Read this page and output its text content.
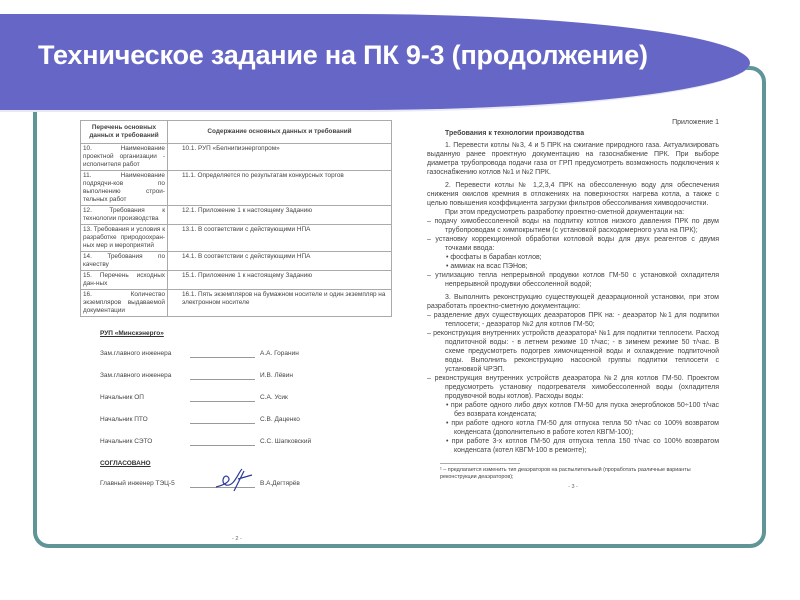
Техническое задание на ПК 9-3 (продолжение)
Перечень основных данных и требований	Содержание основных данных и требований
10. Наименование проектной организации - исполнителя работ	10.1. РУП «Белнипиэнергопром»
11. Наименование подрядчи-ков по выполнению строи-тельных работ	11.1. Определяется по результатам конкурсных торгов
12. Требования к технологии производства	12.1. Приложение 1 к настоящему Заданию
13. Требования и условия к разработке природоохран-ных мер и мероприятий	13.1. В соответствии с действующими НПА
14. Требования по качеству	14.1. В соответствии с действующими НПА
15. Перечень исходных дан-ных	15.1. Приложение 1 к настоящему Заданию
16. Количество экземпляров выдаваемой документации	16.1. Пять экземпляров на бумажном носителе и один экземпляр на электронном носителе
РУП «Минскэнерго»
Зам.главного инженера	А.А. Горанин
Зам.главного инженера	И.В. Лёвин
Начальник ОП	С.А. Усик
Начальник ПТО	С.В. Даценко
Начальник СЭТО	С.С. Шапковский
СОГЛАСОВАНО
Главный инженер ТЭЦ-5	В.А.Дегтярёв
- 2 -

Приложение 1

Требования к технологии производства

1. Перевести котлы №3, 4 и 5 ПРК на сжигание природного газа. Актуализировать выданную ранее проектную документацию на газоснабжение ПРК. При выборе диаметра трубопровода подачи газа от ГРП предусмотреть возможность подключения к газоснабжению котлов №1 и №2 ПРК.

2. Перевести котлы № 1,2,3,4 ПРК на обессоленную воду для обеспечения снижения окислов кремния в отложениях на поверхностях нагрева котла, а также с целью повышения коэффициента загрузки фильтров обессоливания химводоочистки.

При этом предусмотреть разработку проектно-сметной документации на:

– подачу химобессоленной воды на подпитку котлов низкого давления ПРК по двум трубопроводам с химпокрытием (с установкой расходомерного узла на ПРК);

– установку коррекционной обработки котловой воды для двух реагентов с двумя точками ввода:

• фосфаты в барабан котлов;

• аммиак на всас ПЭНов;

– утилизацию тепла непрерывной продувки котлов ГМ-50 с установкой охладителя непрерывной продувки обессоленной водой;

3. Выполнить реконструкцию существующей деаэрационной установки, при этом разработать проектно-сметную документацию:

– разделение двух существующих деаэраторов ПРК на: - деаэратор №1 для подпитки теплосети; - деаэратор №2 для котлов ГМ-50;

– реконструкция внутренних устройств деаэратора¹ №1 для подпитки теплосети. Расход подпиточной воды: - в летнем режиме 10 т/час; - в зимнем режиме 50 т/час. В схеме предусмотреть подогрев химочищенной воды и охлаждение подпиточной воды. Выполнить реконструкцию насосной группы подпитки теплосети с установкой ЧРЭП.

– реконструкция внутренних устройств деаэратора №2 для котлов ГМ-50. Проектом предусмотреть установку подогревателя химобессоленной воды (охладителя продувочной воды котлов). Расходы воды:

• при работе одного либо двух котлов ГМ-50 для пуска энергоблоков 50÷100 т/час без возврата конденсата;

• при работе одного котла ГМ-50 для отпуска тепла 50 т/час со 100% возвратом конденсата (дополнительно в работе котел КВГМ-100);

• при работе 3-х котлов ГМ-50 для отпуска тепла 150 т/час со 100% возвратом конденсата (котел КВГМ-100 в ремонте);

¹ – предлагается изменить тип деаэраторов на распылительный (проработать различные варианты реконструкции деаэраторов);
- 3 -
